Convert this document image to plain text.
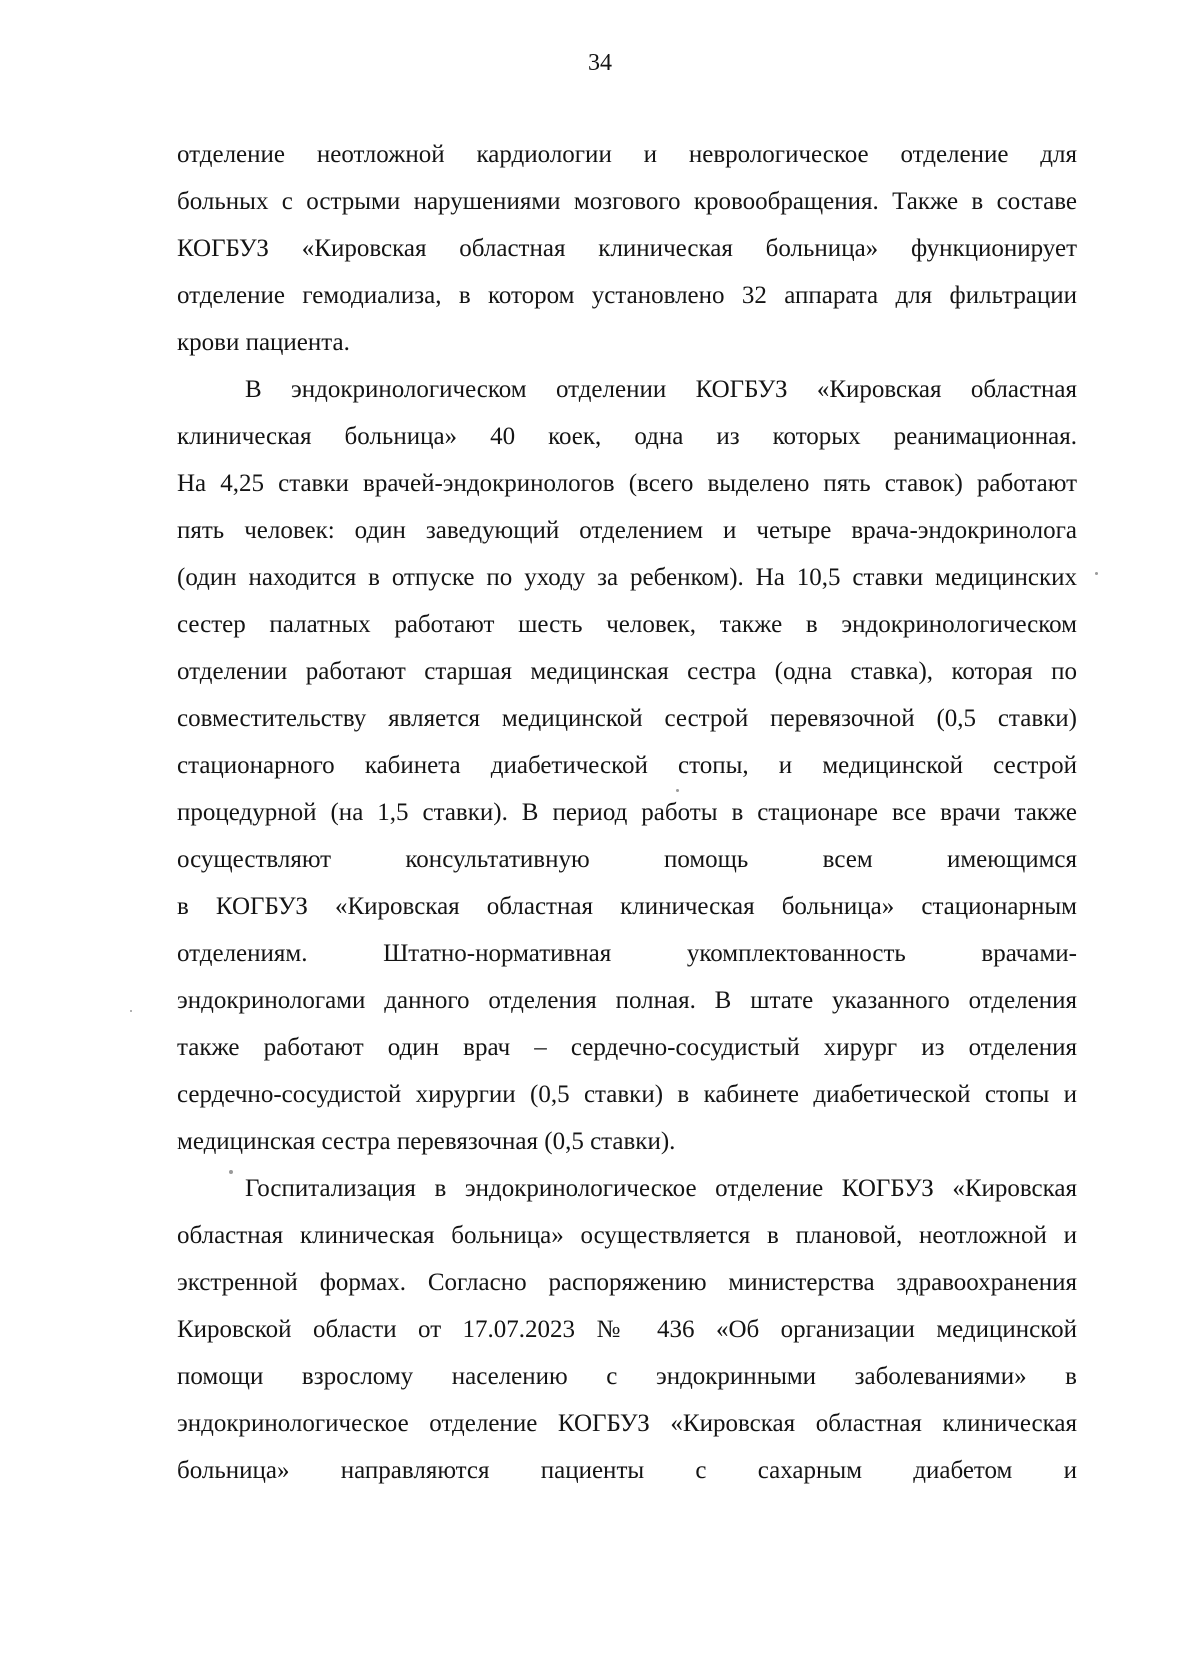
34
отделение неотложной кардиологии и неврологическое отделение для
больных с острыми нарушениями мозгового кровообращения. Также в составе
КОГБУЗ «Кировская областная клиническая больница» функционирует
отделение гемодиализа, в котором установлено 32 аппарата для фильтрации
крови пациента.
В эндокринологическом отделении КОГБУЗ «Кировская областная
клиническая больница» 40 коек, одна из которых реанимационная.
На 4,25 ставки врачей-эндокринологов (всего выделено пять ставок) работают
пять человек: один заведующий отделением и четыре врача-эндокринолога
(один находится в отпуске по уходу за ребенком). На 10,5 ставки медицинских
сестер палатных работают шесть человек, также в эндокринологическом
отделении работают старшая медицинская сестра (одна ставка), которая по
совместительству является медицинской сестрой перевязочной (0,5 ставки)
стационарного кабинета диабетической стопы, и медицинской сестрой
процедурной (на 1,5 ставки). В период работы в стационаре все врачи также
осуществляют консультативную помощь всем имеющимся
в КОГБУЗ «Кировская областная клиническая больница» стационарным
отделениям. Штатно-нормативная укомплектованность врачами-
эндокринологами данного отделения полная. В штате указанного отделения
также работают один врач – сердечно-сосудистый хирург из отделения
сердечно-сосудистой хирургии (0,5 ставки) в кабинете диабетической стопы и
медицинская сестра перевязочная (0,5 ставки).
Госпитализация в эндокринологическое отделение КОГБУЗ «Кировская
областная клиническая больница» осуществляется в плановой, неотложной и
экстренной формах. Согласно распоряжению министерства здравоохранения
Кировской области от 17.07.2023 № 436 «Об организации медицинской
помощи взрослому населению с эндокринными заболеваниями» в
эндокринологическое отделение КОГБУЗ «Кировская областная клиническая
больница» направляются пациенты с сахарным диабетом и
